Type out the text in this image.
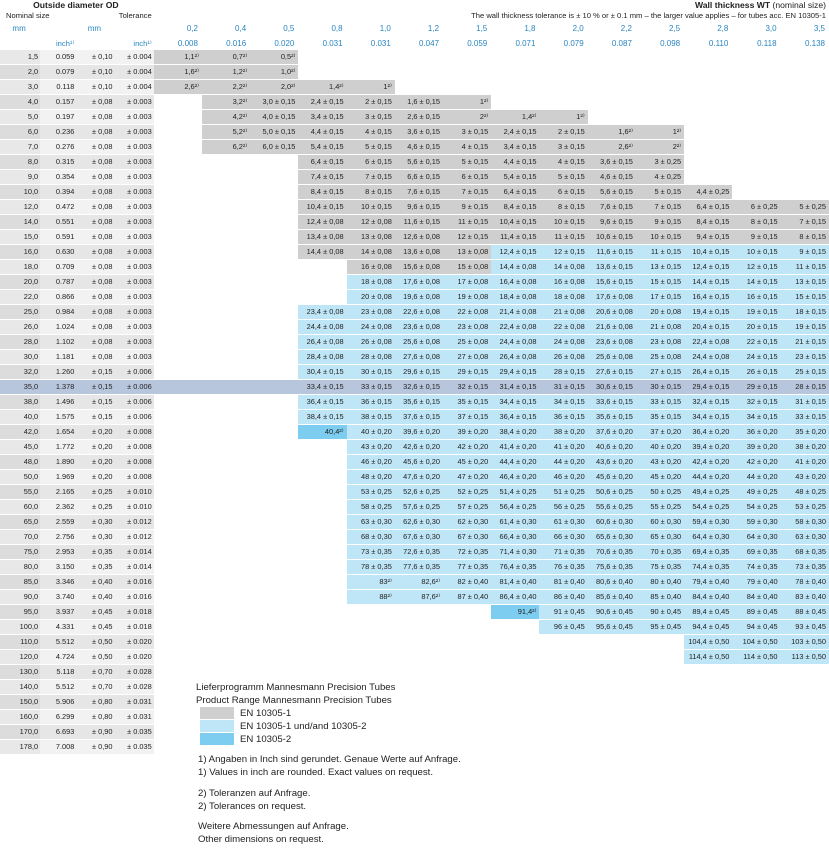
Outside diameter OD				Wall thickness WT (nominal size)													
Nominal size		Tolerance		The wall thickness tolerance is ± 10 % or ± 0.1 mm – the larger value applies – for tubes acc. EN 10305-1													
mm		mm		0,2	0,4	0,5	0,8	1,0	1,2	1,5	1,8	2,0	2,2	2,5	2,8	3,0	3,5
	inch¹⁾		inch¹⁾	0.008	0.016	0.020	0.031	0.031	0.047	0.059	0.071	0.079	0.087	0.098	0.110	0.118	0.138
1,5	0.059	± 0,10	± 0.004	1,1²⁾	0,7²⁾	0,5²⁾											
2,0	0.079	± 0,10	± 0.004	1,6²⁾	1,2²⁾	1,0²⁾											
3,0	0.118	± 0,10	± 0.004	2,6²⁾	2,2²⁾	2,0²⁾	1,4²⁾	1²⁾									
4,0	0.157	± 0,08	± 0.003		3,2²⁾	3,0 ± 0,15	2,4 ± 0,15	2 ± 0,15	1,6 ± 0,15	1²⁾							
5,0	0.197	± 0,08	± 0.003		4,2²⁾	4,0 ± 0,15	3,4 ± 0,15	3 ± 0,15	2,6 ± 0,15	2²⁾	1,4²⁾	1²⁾					
6,0	0.236	± 0,08	± 0.003		5,2²⁾	5,0 ± 0,15	4,4 ± 0,15	4 ± 0,15	3,6 ± 0,15	3 ± 0,15	2,4 ± 0,15	2 ± 0,15	1,6²⁾	1²⁾			
7,0	0.276	± 0,08	± 0.003		6,2²⁾	6,0 ± 0,15	5,4 ± 0,15	5 ± 0,15	4,6 ± 0,15	4 ± 0,15	3,4 ± 0,15	3 ± 0,15	2,6²⁾	2²⁾			
8,0	0.315	± 0,08	± 0.003				6,4 ± 0,15	6 ± 0,15	5,6 ± 0,15	5 ± 0,15	4,4 ± 0,15	4 ± 0,15	3,6 ± 0,15	3 ± 0,25			
9,0	0.354	± 0,08	± 0.003				7,4 ± 0,15	7 ± 0,15	6,6 ± 0,15	6 ± 0,15	5,4 ± 0,15	5 ± 0,15	4,6 ± 0,15	4 ± 0,25			
10,0	0.394	± 0,08	± 0.003				8,4 ± 0,15	8 ± 0,15	7,6 ± 0,15	7 ± 0,15	6,4 ± 0,15	6 ± 0,15	5,6 ± 0,15	5 ± 0,15	4,4 ± 0,25		
12,0	0.472	± 0,08	± 0.003				10,4 ± 0,15	10 ± 0,15	9,6 ± 0,15	9 ± 0,15	8,4 ± 0,15	8 ± 0,15	7,6 ± 0,15	7 ± 0,15	6,4 ± 0,15	6 ± 0,25	5 ± 0,25
14,0	0.551	± 0,08	± 0.003				12,4 ± 0,08	12 ± 0,08	11,6 ± 0,15	11 ± 0,15	10,4 ± 0,15	10 ± 0,15	9,6 ± 0,15	9 ± 0,15	8,4 ± 0,15	8 ± 0,15	7 ± 0,15
15,0	0.591	± 0,08	± 0.003				13,4 ± 0,08	13 ± 0,08	12,6 ± 0,08	12 ± 0,15	11,4 ± 0,15	11 ± 0,15	10,6 ± 0,15	10 ± 0,15	9,4 ± 0,15	9 ± 0,15	8 ± 0,15
16,0	0.630	± 0,08	± 0.003				14,4 ± 0,08	14 ± 0,08	13,6 ± 0,08	13 ± 0,08	12,4 ± 0,15	12 ± 0,15	11,6 ± 0,15	11 ± 0,15	10,4 ± 0,15	10 ± 0,15	9 ± 0,15
18,0	0.709	± 0,08	± 0.003					16 ± 0,08	15,6 ± 0,08	15 ± 0,08	14,4 ± 0,08	14 ± 0,08	13,6 ± 0,15	13 ± 0,15	12,4 ± 0,15	12 ± 0,15	11 ± 0,15
20,0	0.787	± 0,08	± 0.003					18 ± 0,08	17,6 ± 0,08	17 ± 0,08	16,4 ± 0,08	16 ± 0,08	15,6 ± 0,15	15 ± 0,15	14,4 ± 0,15	14 ± 0,15	13 ± 0,15
22,0	0.866	± 0,08	± 0.003					20 ± 0,08	19,6 ± 0,08	19 ± 0,08	18,4 ± 0,08	18 ± 0,08	17,6 ± 0,08	17 ± 0,15	16,4 ± 0,15	16 ± 0,15	15 ± 0,15
25,0	0.984	± 0,08	± 0.003				23,4 ± 0,08	23 ± 0,08	22,6 ± 0,08	22 ± 0,08	21,4 ± 0,08	21 ± 0,08	20,6 ± 0,08	20 ± 0,08	19,4 ± 0,15	19 ± 0,15	18 ± 0,15
26,0	1.024	± 0,08	± 0.003				24,4 ± 0,08	24 ± 0,08	23,6 ± 0,08	23 ± 0,08	22,4 ± 0,08	22 ± 0,08	21,6 ± 0,08	21 ± 0,08	20,4 ± 0,15	20 ± 0,15	19 ± 0,15
28,0	1.102	± 0,08	± 0.003				26,4 ± 0,08	26 ± 0,08	25,6 ± 0,08	25 ± 0,08	24,4 ± 0,08	24 ± 0,08	23,6 ± 0,08	23 ± 0,08	22,4 ± 0,08	22 ± 0,15	21 ± 0,15
30,0	1.181	± 0,08	± 0.003				28,4 ± 0,08	28 ± 0,08	27,6 ± 0,08	27 ± 0,08	26,4 ± 0,08	26 ± 0,08	25,6 ± 0,08	25 ± 0,08	24,4 ± 0,08	24 ± 0,15	23 ± 0,15
32,0	1.260	± 0,15	± 0.006				30,4 ± 0,15	30 ± 0,15	29,6 ± 0,15	29 ± 0,15	29,4 ± 0,15	28 ± 0,15	27,6 ± 0,15	27 ± 0,15	26,4 ± 0,15	26 ± 0,15	25 ± 0,15
35,0	1.378	± 0,15	± 0.006				33,4 ± 0,15	33 ± 0,15	32,6 ± 0,15	32 ± 0,15	31,4 ± 0,15	31 ± 0,15	30,6 ± 0,15	30 ± 0,15	29,4 ± 0,15	29 ± 0,15	28 ± 0,15
38,0	1.496	± 0,15	± 0.006				36,4 ± 0,15	36 ± 0,15	35,6 ± 0,15	35 ± 0,15	34,4 ± 0,15	34 ± 0,15	33,6 ± 0,15	33 ± 0,15	32,4 ± 0,15	32 ± 0,15	31 ± 0,15
40,0	1.575	± 0,15	± 0.006				38,4 ± 0,15	38 ± 0,15	37,6 ± 0,15	37 ± 0,15	36,4 ± 0,15	36 ± 0,15	35,6 ± 0,15	35 ± 0,15	34,4 ± 0,15	34 ± 0,15	33 ± 0,15
42,0	1.654	± 0,20	± 0.008				40,4²⁾	40 ± 0,20	39,6 ± 0,20	39 ± 0,20	38,4 ± 0,20	38 ± 0,20	37,6 ± 0,20	37 ± 0,20	36,4 ± 0,20	36 ± 0,20	35 ± 0,20
45,0	1.772	± 0,20	± 0.008					43 ± 0,20	42,6 ± 0,20	42 ± 0,20	41,4 ± 0,20	41 ± 0,20	40,6 ± 0,20	40 ± 0,20	39,4 ± 0,20	39 ± 0,20	38 ± 0,20
48,0	1.890	± 0,20	± 0.008					46 ± 0,20	45,6 ± 0,20	45 ± 0,20	44,4 ± 0,20	44 ± 0,20	43,6 ± 0,20	43 ± 0,20	42,4 ± 0,20	42 ± 0,20	41 ± 0,20
50,0	1.969	± 0,20	± 0.008					48 ± 0,20	47,6 ± 0,20	47 ± 0,20	46,4 ± 0,20	46 ± 0,20	45,6 ± 0,20	45 ± 0,20	44,4 ± 0,20	44 ± 0,20	43 ± 0,20
55,0	2.165	± 0,25	± 0.010					53 ± 0,25	52,6 ± 0,25	52 ± 0,25	51,4 ± 0,25	51 ± 0,25	50,6 ± 0,25	50 ± 0,25	49,4 ± 0,25	49 ± 0,25	48 ± 0,25
60,0	2.362	± 0,25	± 0.010					58 ± 0,25	57,6 ± 0,25	57 ± 0,25	56,4 ± 0,25	56 ± 0,25	55,6 ± 0,25	55 ± 0,25	54,4 ± 0,25	54 ± 0,25	53 ± 0,25
65,0	2.559	± 0,30	± 0.012					63 ± 0,30	62,6 ± 0,30	62 ± 0,30	61,4 ± 0,30	61 ± 0,30	60,6 ± 0,30	60 ± 0,30	59,4 ± 0,30	59 ± 0,30	58 ± 0,30
70,0	2.756	± 0,30	± 0.012					68 ± 0,30	67,6 ± 0,30	67 ± 0,30	66,4 ± 0,30	66 ± 0,30	65,6 ± 0,30	65 ± 0,30	64,4 ± 0,30	64 ± 0,30	63 ± 0,30
75,0	2.953	± 0,35	± 0.014					73 ± 0,35	72,6 ± 0,35	72 ± 0,35	71,4 ± 0,30	71 ± 0,35	70,6 ± 0,35	70 ± 0,35	69,4 ± 0,35	69 ± 0,35	68 ± 0,35
80,0	3.150	± 0,35	± 0.014					78 ± 0,35	77,6 ± 0,35	77 ± 0,35	76,4 ± 0,35	76 ± 0,35	75,6 ± 0,35	75 ± 0,35	74,4 ± 0,35	74 ± 0,35	73 ± 0,35
85,0	3.346	± 0,40	± 0.016					83²⁾	82,6²⁾	82 ± 0,40	81,4 ± 0,40	81 ± 0,40	80,6 ± 0,40	80 ± 0,40	79,4 ± 0,40	79 ± 0,40	78 ± 0,40
90,0	3.740	± 0,40	± 0.016					88²⁾	87,6²⁾	87 ± 0,40	86,4 ± 0,40	86 ± 0,40	85,6 ± 0,40	85 ± 0,40	84,4 ± 0,40	84 ± 0,40	83 ± 0,40
95,0	3.937	± 0,45	± 0.018								91,4²⁾	91 ± 0,45	90,6 ± 0,45	90 ± 0,45	89,4 ± 0,45	89 ± 0,45	88 ± 0,45
100,0	4.331	± 0,45	± 0.018									96 ± 0,45	95,6 ± 0,45	95 ± 0,45	94,4 ± 0,45	94 ± 0,45	93 ± 0,45
110,0	5.512	± 0,50	± 0.020												104,4 ± 0,50	104 ± 0,50	103 ± 0,50
120,0	4.724	± 0,50	± 0.020												114,4 ± 0,50	114 ± 0,50	113 ± 0,50
130,0	5.118	± 0,70	± 0.028														
140,0	5.512	± 0,70	± 0.028														
150,0	5.906	± 0,80	± 0.031														
160,0	6.299	± 0,80	± 0.031														
170,0	6.693	± 0,90	± 0.035														
178,0	7.008	± 0,90	± 0.035														
Lieferprogramm Mannesmann Precision Tubes
Product Range Mannesmann Precision Tubes
EN 10305-1
EN 10305-1 und/and 10305-2
EN 10305-2
1) Angaben in Inch sind gerundet. Genaue Werte auf Anfrage.
1) Values in inch are rounded. Exact values on request.
2) Toleranzen auf Anfrage.
2) Tolerances on request.
Weitere Abmessungen auf Anfrage.
Other dimensions on request.
